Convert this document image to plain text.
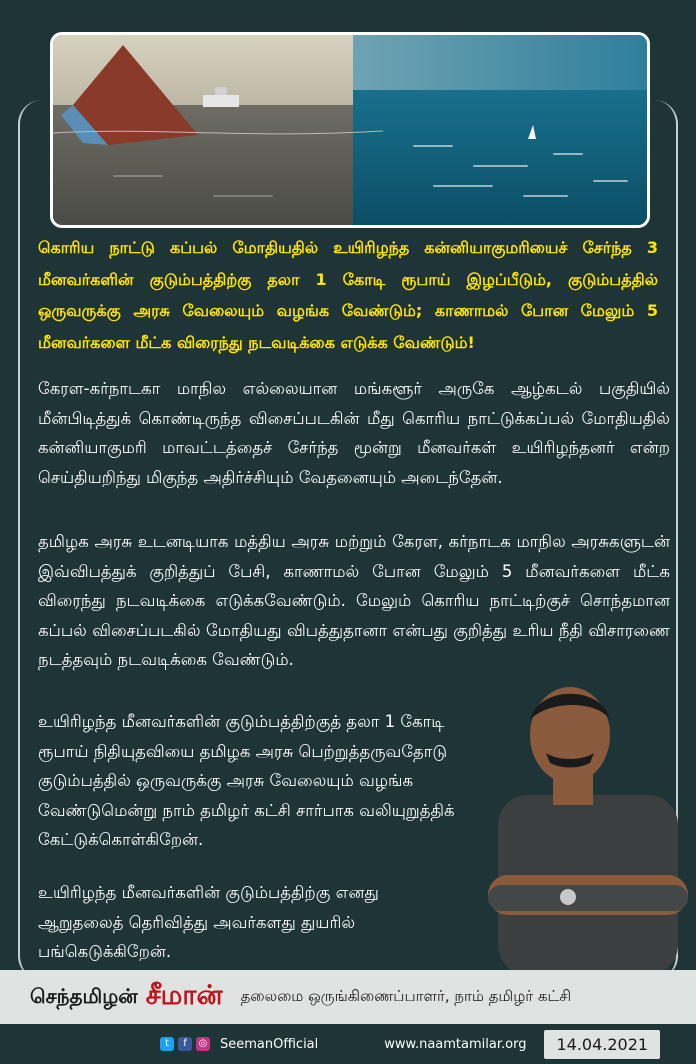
கொரிய நாட்டு கப்பல் மோதியதில் உயிரிழந்த கன்னியாகுமரியைச் சேர்ந்த 3 மீனவர்களின் குடும்பத்திற்கு தலா 1 கோடி ரூபாய் இழப்பீடும், குடும்பத்தில் ஒருவருக்கு அரசு வேலையும் வழங்க வேண்டும்; காணாமல் போன மேலும் 5 மீனவர்களை மீட்க விரைந்து நடவடிக்கை எடுக்க வேண்டும்!

கேரள-கர்நாடகா மாநில எல்லையான மங்களூர் அருகே ஆழ்கடல் பகுதியில் மீன்பிடித்துக் கொண்டிருந்த விசைப்படகின் மீது கொரிய நாட்டுக்கப்பல் மோதியதில் கன்னியாகுமரி மாவட்டத்தைச் சேர்ந்த மூன்று மீனவர்கள் உயிரிழந்தனர் என்ற செய்தியறிந்து மிகுந்த அதிர்ச்சியும் வேதனையும் அடைந்தேன்.

தமிழக அரசு உடனடியாக மத்திய அரசு மற்றும் கேரள, கர்நாடக மாநில அரசுகளுடன் இவ்விபத்துக் குறித்துப் பேசி, காணாமல் போன மேலும் 5 மீனவர்களை மீட்க விரைந்து நடவடிக்கை எடுக்கவேண்டும். மேலும் கொரிய நாட்டிற்குச் சொந்தமான கப்பல் விசைப்படகில் மோதியது விபத்துதானா என்பது குறித்து உரிய நீதி விசாரணை நடத்தவும் நடவடிக்கை வேண்டும்.

உயிரிழந்த மீனவர்களின் குடும்பத்திற்குத் தலா 1 கோடி ரூபாய் நிதியுதவியை தமிழக அரசு பெற்றுத்தருவதோடு குடும்பத்தில் ஒருவருக்கு அரசு வேலையும் வழங்க வேண்டுமென்று நாம் தமிழர் கட்சி சார்பாக வலியுறுத்திக் கேட்டுக்கொள்கிறேன்.

உயிரிழந்த மீனவர்களின் குடும்பத்திற்கு எனது ஆறுதலைத் தெரிவித்து அவர்களது துயரில் பங்கெடுக்கிறேன்.

செந்தமிழன் சீமான் தலைமை ஒருங்கிணைப்பாளர், நாம் தமிழர் கட்சி
t	f	◎ SeemanOfficial	www.naamtamilar.org	14.04.2021
